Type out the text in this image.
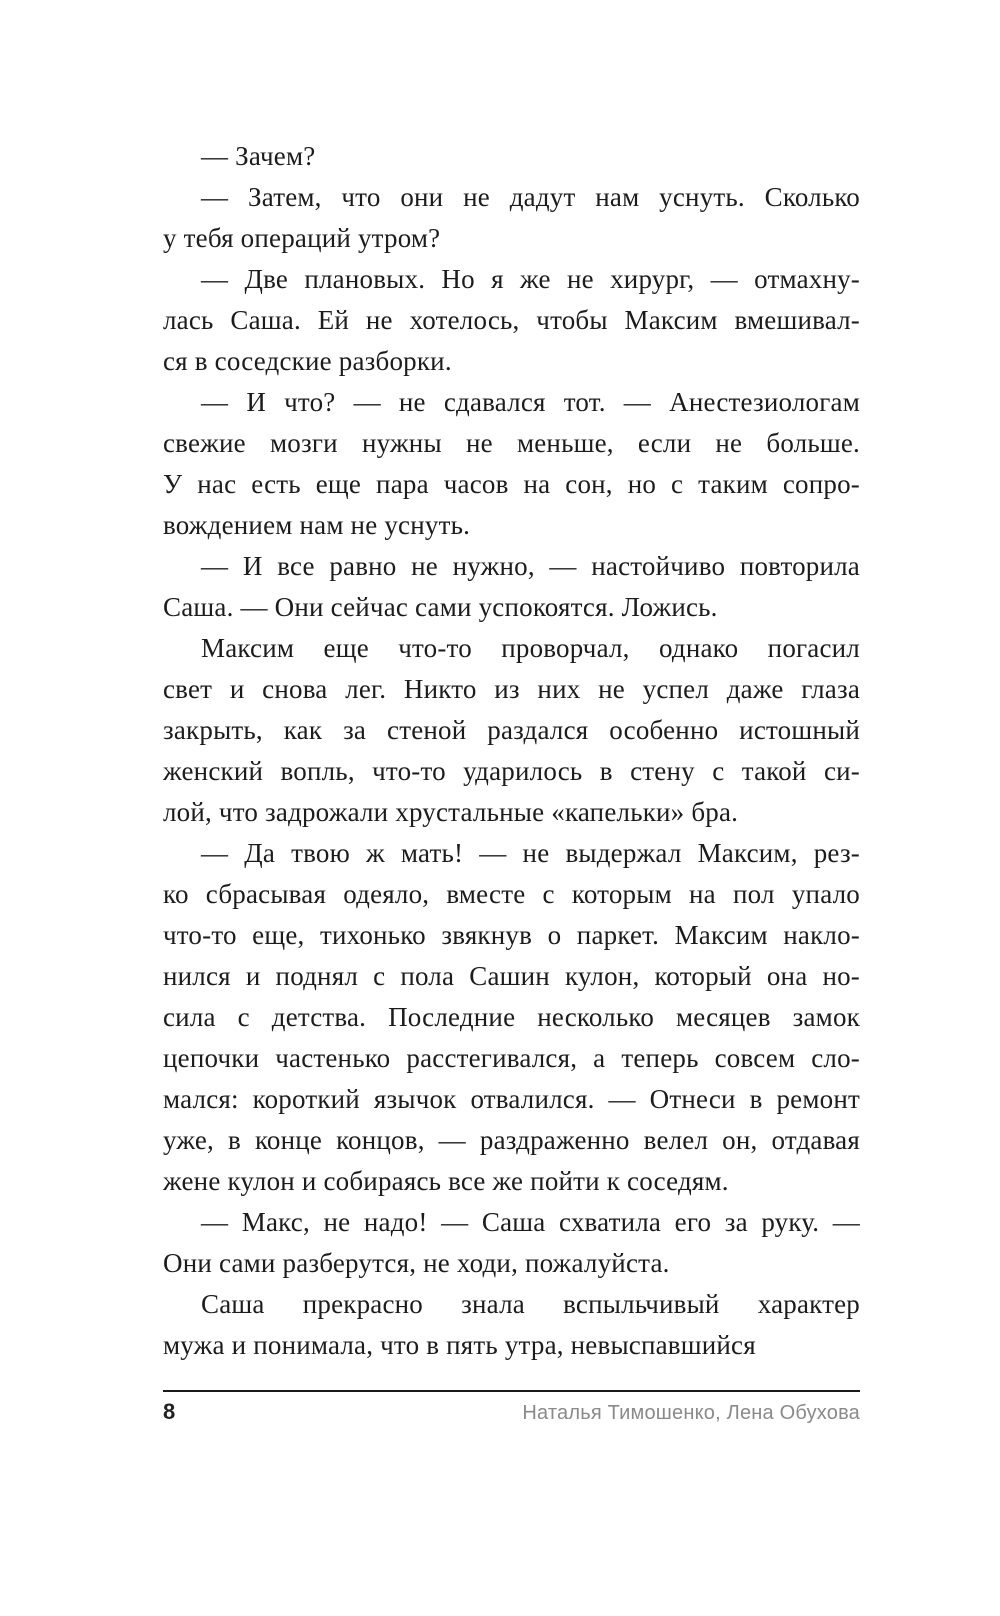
— Зачем?
— Затем, что они не дадут нам уснуть. Сколько
у тебя операций утром?
— Две плановых. Но я же не хирург, — отмахну-
лась Саша. Ей не хотелось, чтобы Максим вмешивал-
ся в соседские разборки.
— И что? — не сдавался тот. — Анестезиологам
свежие мозги нужны не меньше, если не больше.
У нас есть еще пара часов на сон, но с таким сопро-
вождением нам не уснуть.
— И все равно не нужно, — настойчиво повторила
Саша. — Они сейчас сами успокоятся. Ложись.
Максим еще что-то проворчал, однако погасил
свет и снова лег. Никто из них не успел даже глаза
закрыть, как за стеной раздался особенно истошный
женский вопль, что-то ударилось в стену с такой си-
лой, что задрожали хрустальные «капельки» бра.
— Да твою ж мать! — не выдержал Максим, рез-
ко сбрасывая одеяло, вместе с которым на пол упало
что-то еще, тихонько звякнув о паркет. Максим накло-
нился и поднял с пола Сашин кулон, который она но-
сила с детства. Последние несколько месяцев замок
цепочки частенько расстегивался, а теперь совсем сло-
мался: короткий язычок отвалился. — Отнеси в ремонт
уже, в конце концов, — раздраженно велел он, отдавая
жене кулон и собираясь все же пойти к соседям.
— Макс, не надо! — Саша схватила его за руку. —
Они сами разберутся, не ходи, пожалуйста.
Саша прекрасно знала вспыльчивый характер
мужа и понимала, что в пять утра, невыспавшийся
8	Наталья Тимошенко, Лена Обухова
